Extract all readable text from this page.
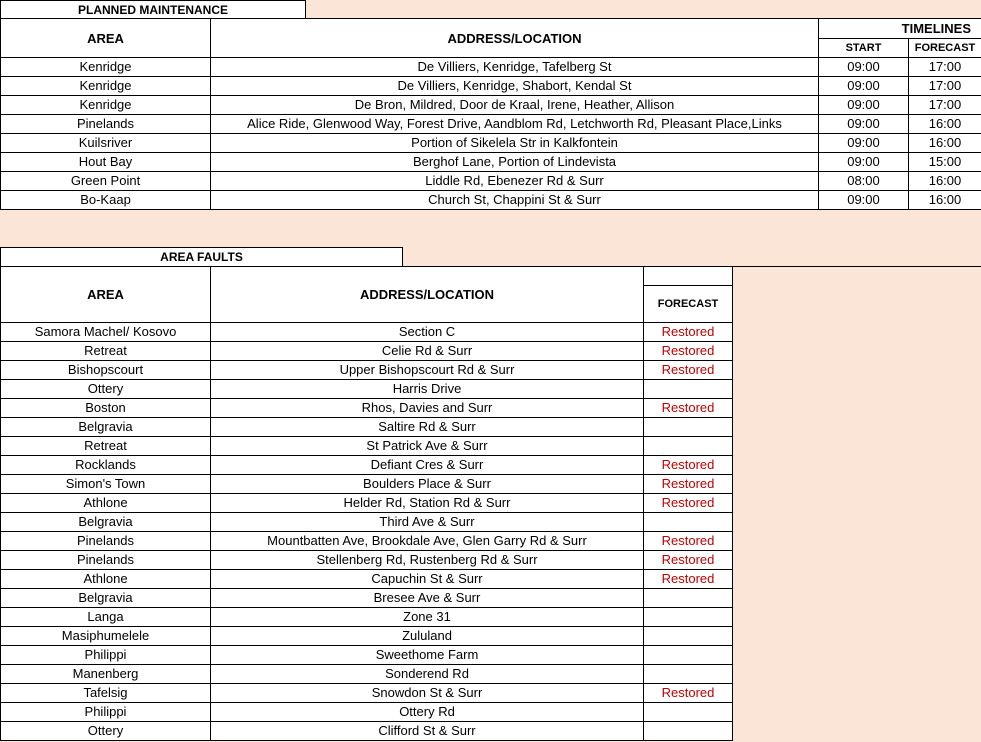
PLANNED MAINTENANCE
AREA	ADDRESS/LOCATION	TIMELINES	
		START	FORECAST
Kenridge	De Villiers, Kenridge, Tafelberg St	09:00	17:00
Kenridge	De Villiers, Kenridge, Shabort, Kendal St	09:00	17:00
Kenridge	De Bron, Mildred, Door de Kraal, Irene, Heather, Allison	09:00	17:00
Pinelands	Alice Ride, Glenwood Way, Forest Drive, Aandblom Rd, Letchworth Rd, Pleasant Place,Links	09:00	16:00
Kuilsriver	Portion of Sikelela Str in Kalkfontein	09:00	16:00
Hout Bay	Berghof Lane, Portion of Lindevista	09:00	15:00
Green Point	Liddle Rd, Ebenezer Rd & Surr	08:00	16:00
Bo-Kaap	Church St, Chappini St & Surr	09:00	16:00
AREA FAULTS
AREA	ADDRESS/LOCATION	
		FORECAST
Samora Machel/ Kosovo	Section C	Restored
Retreat	Celie Rd & Surr	Restored
Bishopscourt	Upper Bishopscourt Rd & Surr	Restored
Ottery	Harris Drive	
Boston	Rhos, Davies and Surr	Restored
Belgravia	Saltire Rd & Surr	
Retreat	St Patrick Ave & Surr	
Rocklands	Defiant Cres & Surr	Restored
Simon's Town	Boulders Place & Surr	Restored
Athlone	Helder Rd, Station Rd & Surr	Restored
Belgravia	Third Ave & Surr	
Pinelands	Mountbatten Ave, Brookdale Ave, Glen Garry Rd & Surr	Restored
Pinelands	Stellenberg Rd, Rustenberg Rd & Surr	Restored
Athlone	Capuchin St & Surr	Restored
Belgravia	Bresee Ave & Surr	
Langa	Zone 31	
Masiphumelele	Zululand	
Philippi	Sweethome Farm	
Manenberg	Sonderend Rd	
Tafelsig	Snowdon St & Surr	Restored
Philippi	Ottery Rd	
Ottery	Clifford St & Surr	
